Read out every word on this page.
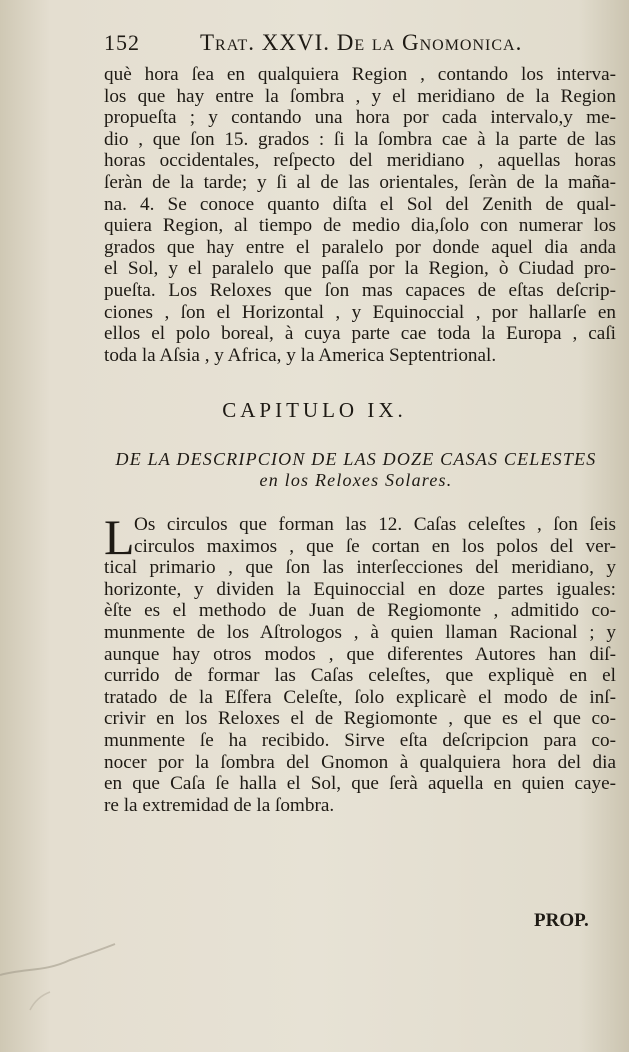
152	Trat. XXVI. De la Gnomonica.
què hora ſea en qualquiera Region , contando los interva-
los que hay entre la ſombra , y el meridiano de la Region
propueſta ; y contando una hora por cada intervalo,y me-
dio , que ſon 15. grados : ſi la ſombra cae à la parte de las
horas occidentales, reſpecto del meridiano , aquellas horas
ſeràn de la tarde; y ſi al de las orientales, ſeràn de la maña-
na. 4. Se conoce quanto diſta el Sol del Zenith de qual-
quiera Region, al tiempo de medio dia,ſolo con numerar los
grados que hay entre el paralelo por donde aquel dia anda
el Sol, y el paralelo que paſſa por la Region, ò Ciudad pro-
pueſta. Los Reloxes que ſon mas capaces de eſtas deſcrip-
ciones , ſon el Horizontal , y Equinoccial , por hallarſe en
ellos el polo boreal, à cuya parte cae toda la Europa , caſi
toda la Aſsia , y Africa, y la America Septentrional.
CAPITULO IX.
DE LA DESCRIPCION DE LAS DOZE CASAS CELESTES
en los Reloxes Solares.
L Os circulos que forman las 12. Caſas celeſtes , ſon ſeis
circulos maximos , que ſe cortan en los polos del ver-
tical primario , que ſon las interſecciones del meridiano, y
horizonte, y dividen la Equinoccial en doze partes iguales:
èſte es el methodo de Juan de Regiomonte , admitido co-
munmente de los Aſtrologos , à quien llaman Racional ; y
aunque hay otros modos , que diferentes Autores han diſ-
currido de formar las Caſas celeſtes, que expliquè en el
tratado de la Eſfera Celeſte, ſolo explicarè el modo de inſ-
crivir en los Reloxes el de Regiomonte , que es el que co-
munmente ſe ha recibido. Sirve eſta deſcripcion para co-
nocer por la ſombra del Gnomon à qualquiera hora del dia
en que Caſa ſe halla el Sol, que ſerà aquella en quien caye-
re la extremidad de la ſombra.
PROP.
